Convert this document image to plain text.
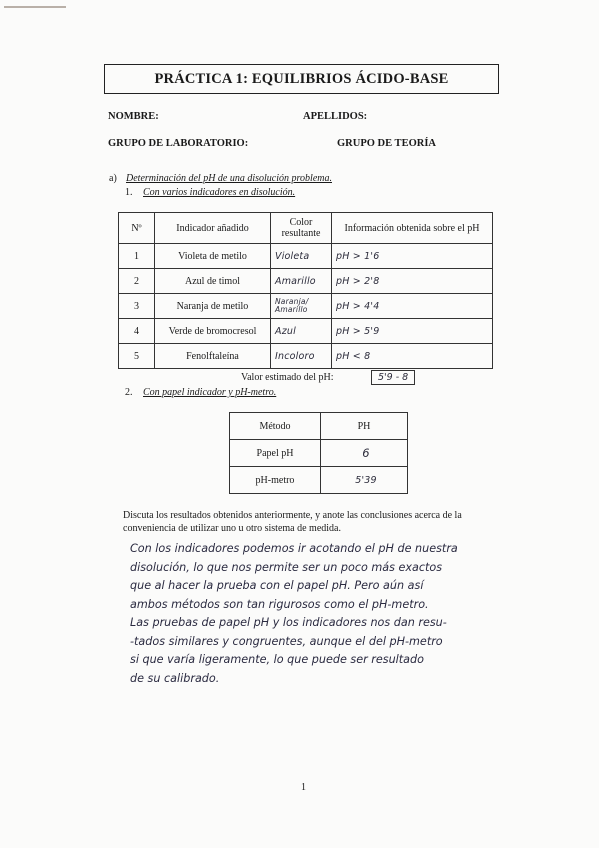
PRÁCTICA 1: EQUILIBRIOS ÁCIDO-BASE
NOMBRE:	APELLIDOS:
GRUPO DE LABORATORIO:	GRUPO DE TEORÍA
a) Determinación del pH de una disolución problema.
1. Con varios indicadores en disolución.
Nº	Indicador añadido	Color resultante	Información obtenida sobre el pH
1	Violeta de metilo	Violeta	pH > 1'6
2	Azul de timol	Amarillo	pH > 2'8
3	Naranja de metilo	Naranja/ Amarillo	pH > 4'4
4	Verde de bromocresol	Azul	pH > 5'9
5	Fenolftaleína	Incoloro	pH < 8
Valor estimado del pH:	5'9 - 8
2. Con papel indicador y pH-metro.
Método	PH
Papel pH	6
pH-metro	5'39
Discuta los resultados obtenidos anteriormente, y anote las conclusiones acerca de la
conveniencia de utilizar uno u otro sistema de medida.
Con los indicadores podemos ir acotando el pH de nuestra
disolución, lo que nos permite ser un poco más exactos
que al hacer la prueba con el papel pH. Pero aún así
ambos métodos son tan rigurosos como el pH-metro.
Las pruebas de papel pH y los indicadores nos dan resu-
-tados similares y congruentes, aunque el del pH-metro
si que varía ligeramente, lo que puede ser resultado
de su calibrado.
1
